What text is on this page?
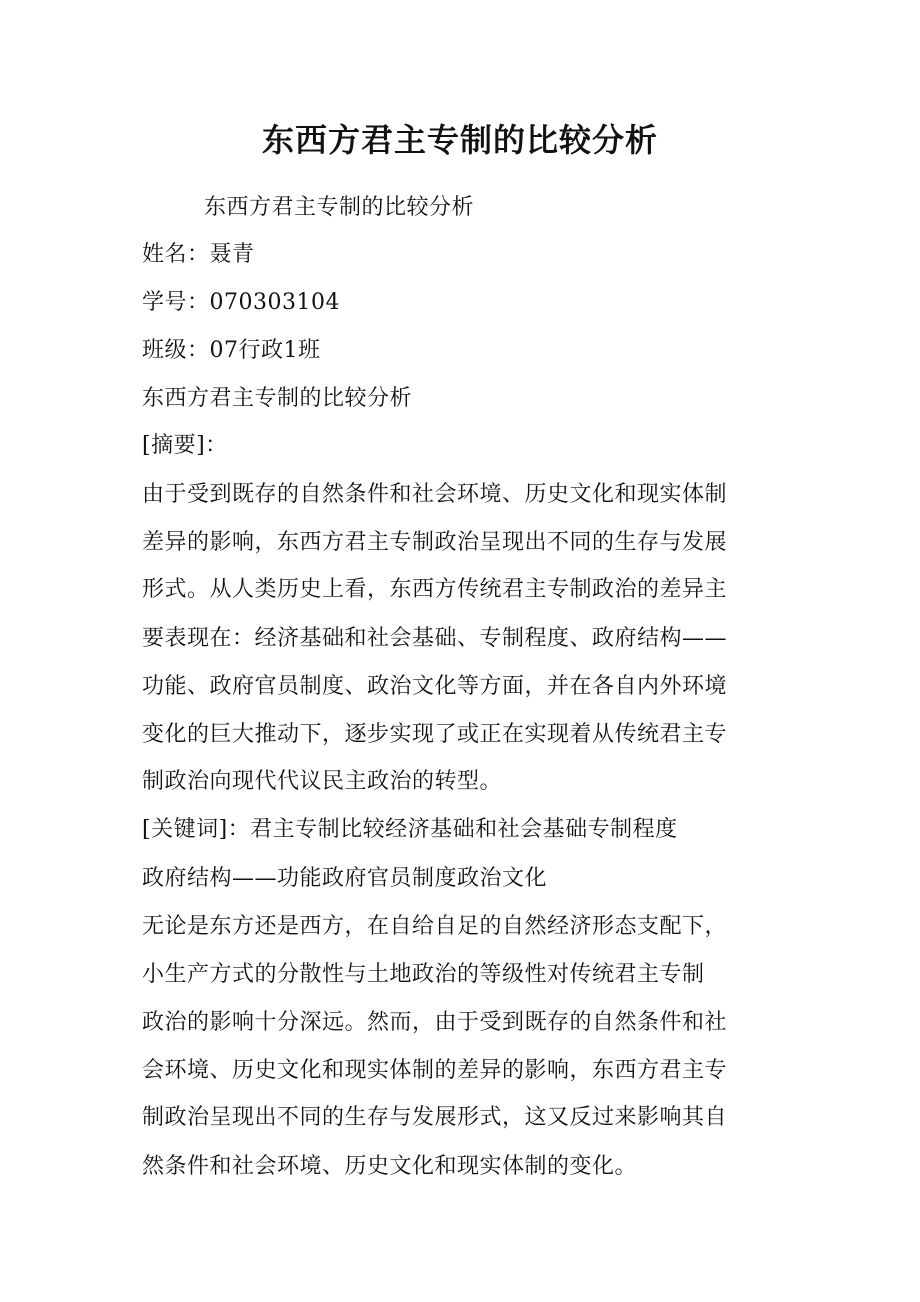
东西方君主专制的比较分析
东西方君主专制的比较分析
姓名：聂青
学号：070303104
班级：07行政1班
东西方君主专制的比较分析
[摘要]：
由于受到既存的自然条件和社会环境、历史文化和现实体制
差异的影响，东西方君主专制政治呈现出不同的生存与发展
形式。从人类历史上看，东西方传统君主专制政治的差异主
要表现在：经济基础和社会基础、专制程度、政府结构——
功能、政府官员制度、政治文化等方面，并在各自内外环境
变化的巨大推动下，逐步实现了或正在实现着从传统君主专
制政治向现代代议民主政治的转型。
[关键词]：君主专制比较经济基础和社会基础专制程度
政府结构——功能政府官员制度政治文化
无论是东方还是西方，在自给自足的自然经济形态支配下，
小生产方式的分散性与土地政治的等级性对传统君主专制
政治的影响十分深远。然而，由于受到既存的自然条件和社
会环境、历史文化和现实体制的差异的影响，东西方君主专
制政治呈现出不同的生存与发展形式，这又反过来影响其自
然条件和社会环境、历史文化和现实体制的变化。
